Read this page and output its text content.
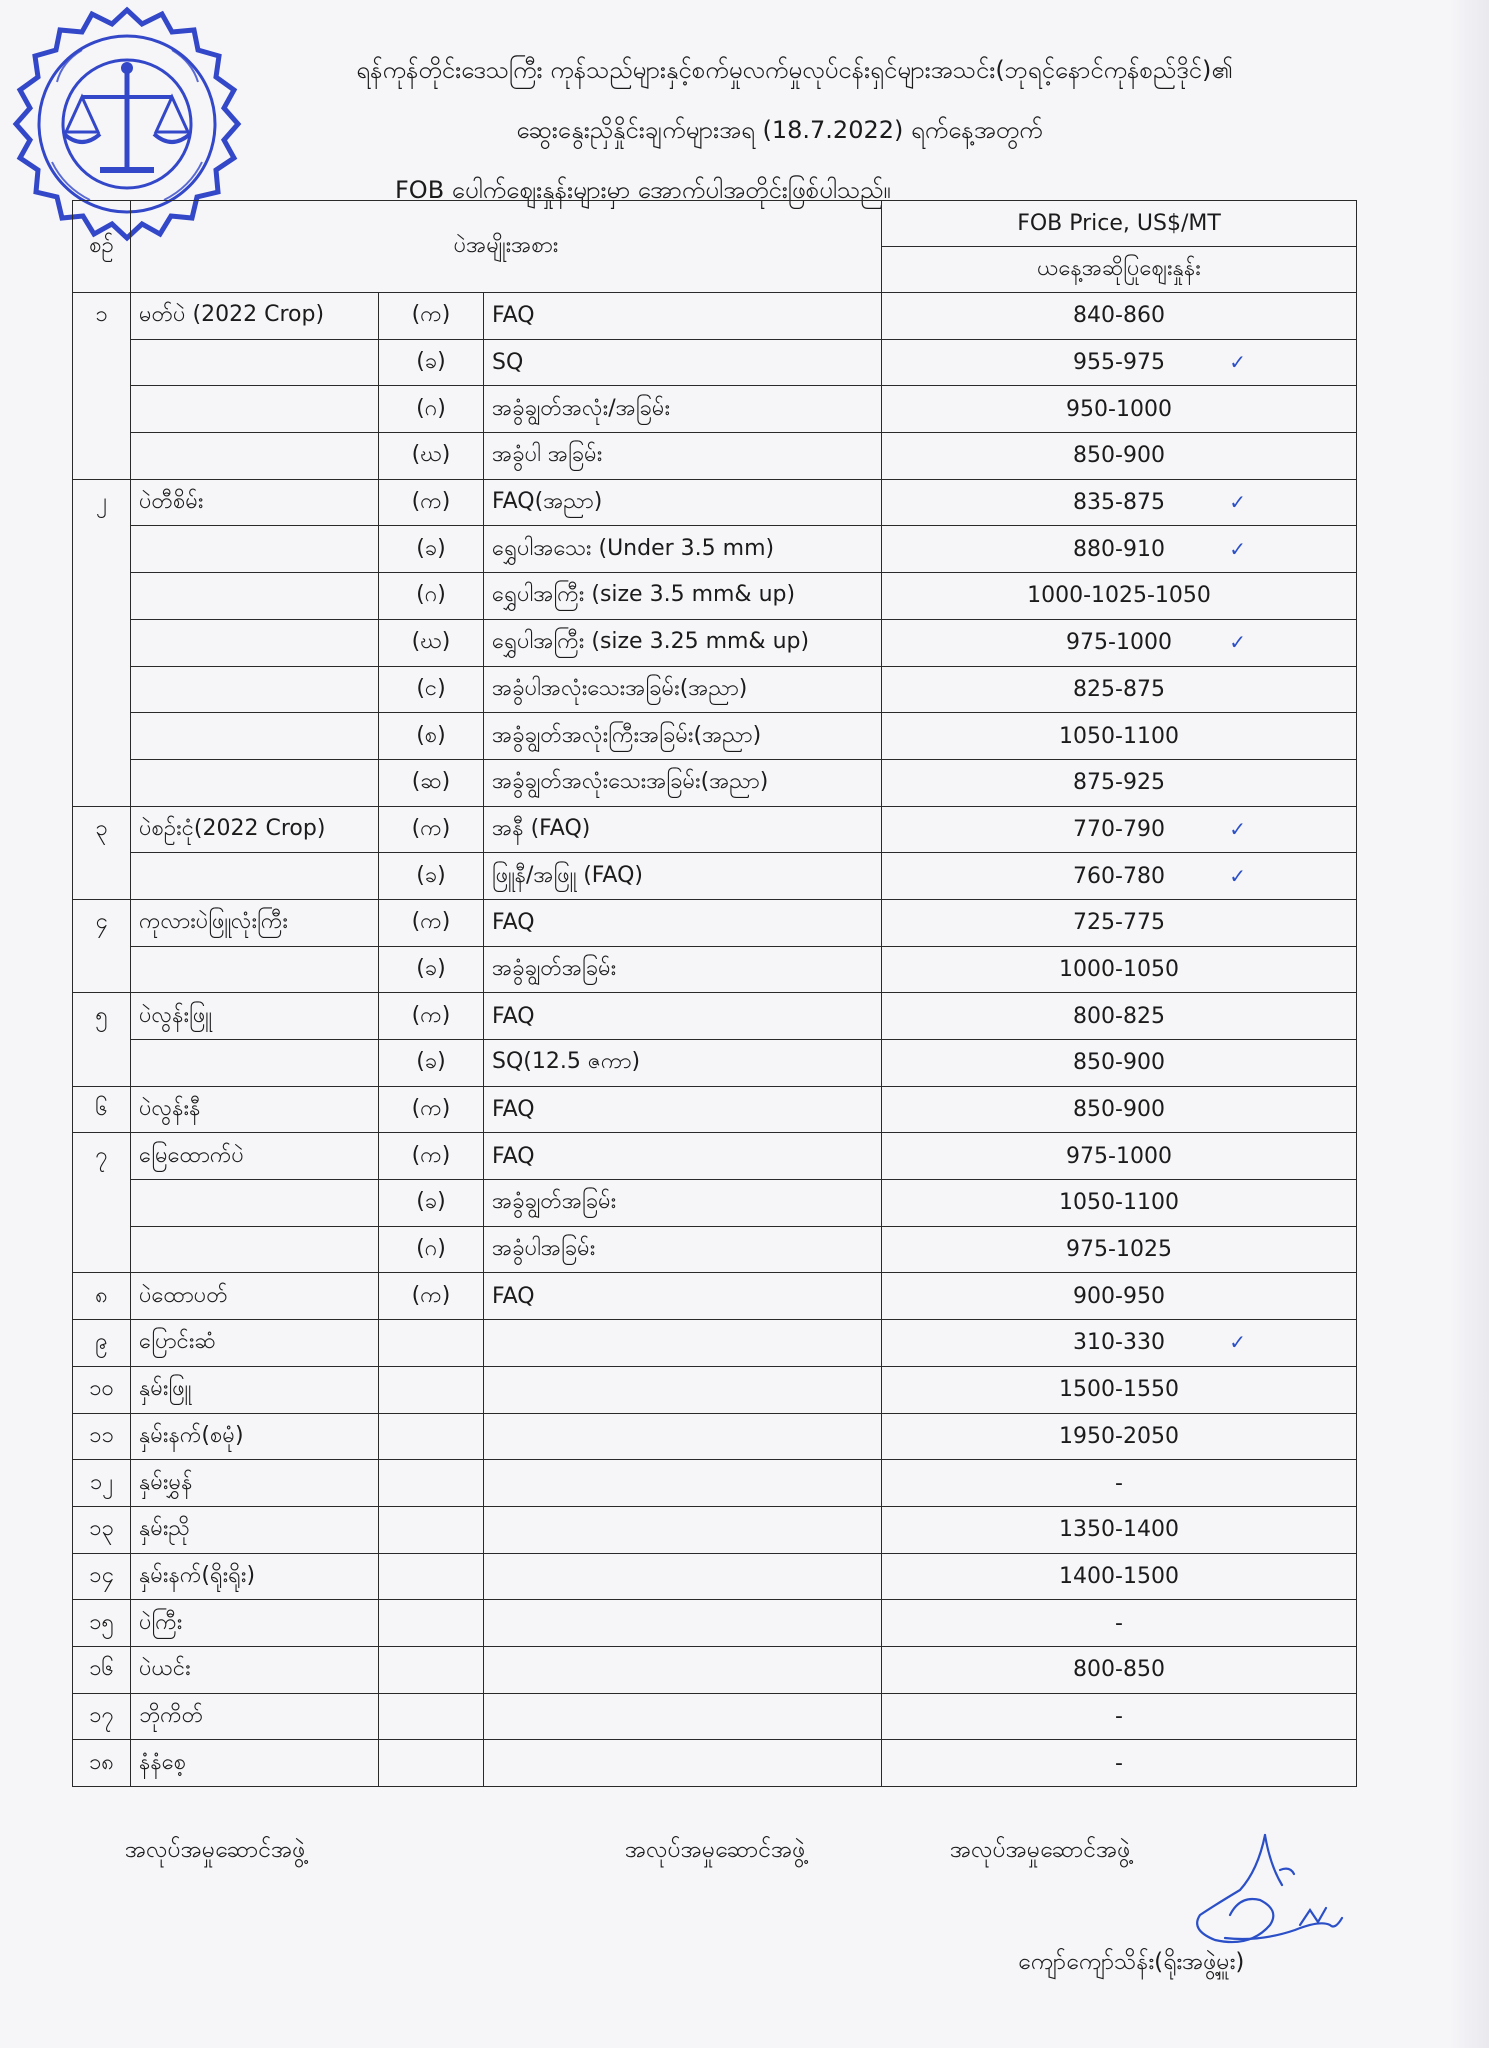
ရန်ကုန်တိုင်းဒေသကြီး ကုန်သည်များနှင့်စက်မှုလက်မှုလုပ်ငန်းရှင်များအသင်း(ဘုရင့်နောင်ကုန်စည်ဒိုင်)၏
ဆွေးနွေးညှိနှိုင်းချက်များအရ (18.7.2022) ရက်နေ့အတွက်
FOB ပေါက်ဈေးနှုန်းများမှာ အောက်ပါအတိုင်းဖြစ်ပါသည်။
စဉ်	ပဲအမျိုးအစား			FOB Price, US$/MT
				ယနေ့အဆိုပြုဈေးနှုန်း
၁	မတ်ပဲ (2022 Crop)	(က)	FAQ	840-860
		(ခ)	SQ	955-975 ✓

		(ဂ)	အခွံချွတ်အလုံး/အခြမ်း	950-1000
		(ဃ)	အခွံပါ အခြမ်း	850-900
၂	ပဲတီစိမ်း	(က)	FAQ(အညာ)	835-875 ✓

		(ခ)	ရွှေပါအသေး (Under 3.5 mm)	880-910 ✓

		(ဂ)	ရွှေပါအကြီး (size 3.5 mm& up)	1000-1025-1050
		(ဃ)	ရွှေပါအကြီး (size 3.25 mm& up)	975-1000 ✓

		(င)	အခွံပါအလုံးသေးအခြမ်း(အညာ)	825-875
		(စ)	အခွံချွတ်အလုံးကြီးအခြမ်း(အညာ)	1050-1100
		(ဆ)	အခွံချွတ်အလုံးသေးအခြမ်း(အညာ)	875-925
၃	ပဲစဉ်းငုံ(2022 Crop)	(က)	အနီ (FAQ)	770-790 ✓

		(ခ)	ဖြူနီ/အဖြူ (FAQ)	760-780 ✓

၄	ကုလားပဲဖြူလုံးကြီး	(က)	FAQ	725-775
		(ခ)	အခွံချွတ်အခြမ်း	1000-1050
၅	ပဲလွန်းဖြူ	(က)	FAQ	800-825
		(ခ)	SQ(12.5 ဇကာ)	850-900
၆	ပဲလွန်းနီ	(က)	FAQ	850-900
၇	မြေထောက်ပဲ	(က)	FAQ	975-1000
		(ခ)	အခွံချွတ်အခြမ်း	1050-1100
		(ဂ)	အခွံပါအခြမ်း	975-1025
၈	ပဲထောပတ်	(က)	FAQ	900-950
၉	ပြောင်းဆံ			310-330 ✓

၁၀	နှမ်းဖြူ			1500-1550
၁၁	နှမ်းနက်(စမုံ)			1950-2050
၁၂	နှမ်းမွှန်			-
၁၃	နှမ်းညို			1350-1400
၁၄	နှမ်းနက်(ရိုးရိုး)			1400-1500
၁၅	ပဲကြီး			-
၁၆	ပဲယင်း			800-850
၁၇	ဘိုကိတ်			-
၁၈	နံနံစေ့			-
အလုပ်အမှုဆောင်အဖွဲ့	အလုပ်အမှုဆောင်အဖွဲ့	အလုပ်အမှုဆောင်အဖွဲ့
ကျော်ကျော်သိန်း(ရိုးအဖွဲ့မှူး)
